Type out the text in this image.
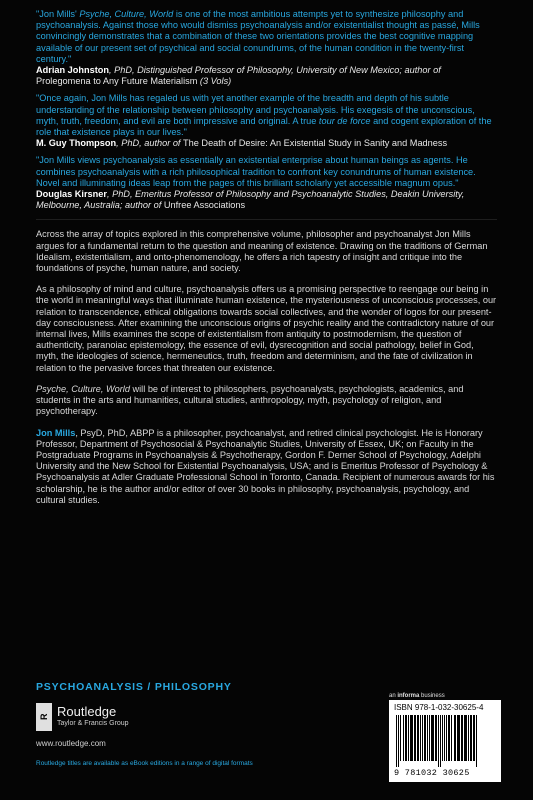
"Jon Mills' Psyche, Culture, World is one of the most ambitious attempts yet to synthesize philosophy and psychoanalysis. Against those who would dismiss psychoanalysis and/or existentialist thought as passé, Mills convincingly demonstrates that a combination of these two orientations provides the best cognitive mapping available of our present set of psychical and social conundrums, of the human condition in the twenty-first century."

Adrian Johnston, PhD, Distinguished Professor of Philosophy, University of New Mexico; author of Prolegomena to Any Future Materialism (3 Vols)

"Once again, Jon Mills has regaled us with yet another example of the breadth and depth of his subtle understanding of the relationship between philosophy and psychoanalysis. His exegesis of the unconscious, myth, truth, freedom, and evil are both impressive and original. A true tour de force and cogent exploration of the role that existence plays in our lives."

M. Guy Thompson, PhD, author of The Death of Desire: An Existential Study in Sanity and Madness

"Jon Mills views psychoanalysis as essentially an existential enterprise about human beings as agents. He combines psychoanalysis with a rich philosophical tradition to confront key conundrums of human existence. Novel and illuminating ideas leap from the pages of this brilliant scholarly yet accessible magnum opus."

Douglas Kirsner, PhD, Emeritus Professor of Philosophy and Psychoanalytic Studies, Deakin University, Melbourne, Australia; author of Unfree Associations

Across the array of topics explored in this comprehensive volume, philosopher and psychoanalyst Jon Mills argues for a fundamental return to the question and meaning of existence. Drawing on the traditions of German Idealism, existentialism, and onto-phenomenology, he offers a rich tapestry of insight and critique into the foundations of psyche, human nature, and society.

As a philosophy of mind and culture, psychoanalysis offers us a promising perspective to reengage our being in the world in meaningful ways that illuminate human existence, the mysteriousness of unconscious processes, our relation to transcendence, ethical obligations towards social collectives, and the wonder of logos for our present-day consciousness. After examining the unconscious origins of psychic reality and the contradictory nature of our internal lives, Mills examines the scope of existentialism from antiquity to postmodernism, the question of authenticity, paranoiac epistemology, the essence of evil, dysrecognition and social pathology, belief in God, myth, the ideologies of science, hermeneutics, truth, freedom and determinism, and the fate of civilization in relation to the pervasive forces that threaten our existence.

Psyche, Culture, World will be of interest to philosophers, psychoanalysts, psychologists, academics, and students in the arts and humanities, cultural studies, anthropology, myth, psychology of religion, and psychotherapy.

Jon Mills, PsyD, PhD, ABPP is a philosopher, psychoanalyst, and retired clinical psychologist. He is Honorary Professor, Department of Psychosocial & Psychoanalytic Studies, University of Essex, UK; on Faculty in the Postgraduate Programs in Psychoanalysis & Psychotherapy, Gordon F. Derner School of Psychology, Adelphi University and the New School for Existential Psychoanalysis, USA; and is Emeritus Professor of Psychology & Psychoanalysis at Adler Graduate Professional School in Toronto, Canada. Recipient of numerous awards for his scholarship, he is the author and/or editor of over 30 books in philosophy, psychoanalysis, psychology, and cultural studies.

PSYCHOANALYSIS / PHILOSOPHY
R Routledge
Taylor & Francis Group
www.routledge.com
Routledge titles are available as eBook editions in a range of digital formats
an informa business
ISBN 978-1-032-30625-4
9 781032 30625
